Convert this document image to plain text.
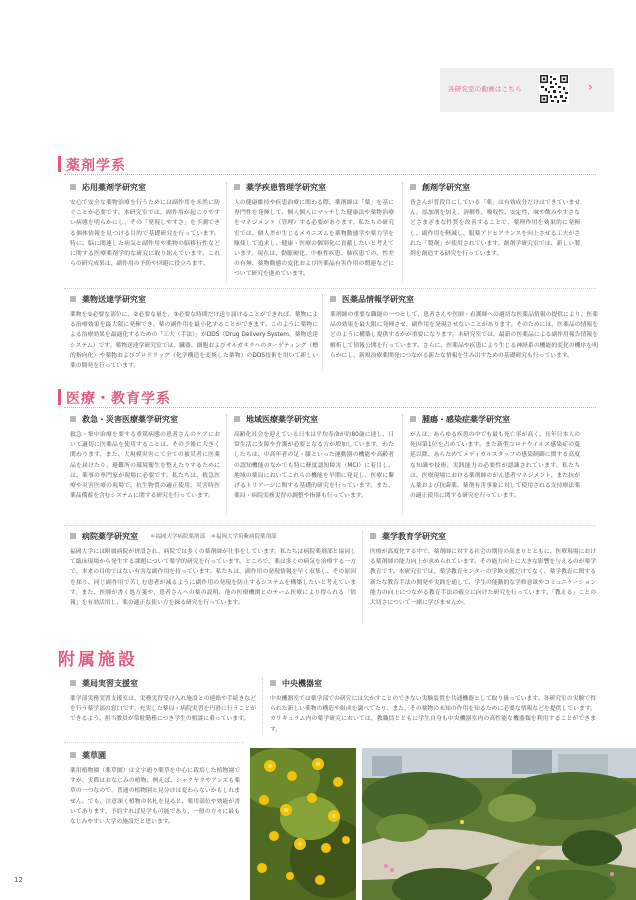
各研究室の動画はこちら	›
薬剤学系
応用薬剤学研究室

安心で安全な薬物治療を行うためには副作用を未然に防ぐことが必要です。本研究室では、副作用が起こりやすい病態を明らかにし、その「発現しやすさ」を予測できる個体情報を見つける目的で基礎研究を行っています。特に、脳に関連した病気と副作用や薬物の脳移行性などに関する医療薬剤学的な研究に取り組んでいます。これらの研究成果は、副作用の予防や回避に役立ちます。

薬学疾患管理学研究室

人の健康維持や疾患治療に関わる際、薬剤師は「薬」を基に専門性を発揮して、個人個人にマッチした健康法や薬物治療をマネジメント（管理）する必要があります。私たちの研究室では、個人差が生じるメカニズムを薬物動態学や薬力学を駆使して追求し、健康・医療の個別化に貢献したいと考えています。現在は、動脈硬化、中枢性疾患、肺疾患での、性差の有無、薬物動態の変化および医薬品有害作用の関連などについて研究を進めています。

創剤学研究室

皆さんが普段目にしている「薬」は有効成分だけはできていません。添加剤を加え、溶解性、吸収性、安定性、味や飲みやすさなどさまざまな性質を改善することで、薬理作用を効果的に発揮し、副作用を軽減し、服薬アドヒアランスを向上させる工夫がされた「製剤」が使用されています。創剤学研究室では、新しい製剤を創造する研究を行っています。

薬物送達学研究室

薬物を①必要な部位に、②必要な量を、③必要な時間だけ送り届けることができれば、薬物による治療効果を最大限に発揮でき、薬の副作用を最小化することができます。このように薬物による治療効果を最適化するための「工夫（手法）」がDDS（Drug Delivery System、薬物送達システム）です。薬物送達学研究室では、臓器、細胞およびオルガネラへのターゲティング（標的指向化）や薬物およびプロドラッグ（化学構造を変換した薬物）のDDS技術を用いて新しい薬の開発を行っています。

医薬品情報学研究室

薬剤師の重要な職能の一つとして、患者さんや医師・看護師への適切な医薬品情報の提供により、医薬品の効果を最大限に発揮させ、副作用を発現させないことがあります。そのためには、医薬品の情報をどのように構築し提供するかが重要になります。本研究室では、最新の医薬品による副作用報告情報を解析して情報公開を行っています。さらに、医薬品や疾患により生じる神経系の機能的変化の機序を明らかにし、新規治療薬開発につながる新たな情報を生み出すための基礎研究も行っています。

医療・教育学系
救急・災害医療薬学研究室

救急・集中治療を要する重篤病態の患者さんのケアにおいて適切に医薬品を使用することは、その予後に大きく関わります。また、大規模災害にて全ての被災者に医薬品を届けたり、避難所の環境衛生を整えたりするためには、薬事の専門家が現場に必要です。私たちは、救急医療や災害医療の現場で、抗生物質の適正使用、災害時医薬品備蓄を含むシステムに関する研究を行っています。

地域医療薬学研究室

高齢化社会を迎えている日本は平均寿命が約80歳に達し、日常生活に支障や介護が必要となる方が増加しています。わたしたちは、中高年者の足・膝といった運動器の機能や高齢者の認知機能のなかでも特に軽度認知障害（MCI）に着目し、地域の薬局においてこれらの機能を早期に発見し、医療に繋げるトリアージに関する基礎的研究を行っています。また、薬局・病院実務実習の調整や指導も行っています。

腫瘍・感染症薬学研究室

がんは、あらゆる疾患の中でも最も死亡率が高く、長年日本人の死因第1位を占めています。また新型コロナウイルス感染症の蔓延以降、あらためてメディカルスタッフの感染制御に関する高度な知識や技術、実践能力の必要性が認識されています。私たちは、医療現場における薬剤師のがん患者マネジメント、また抗がん薬および抗菌薬、薬剤有害事象に対して使用される支持療法薬の適正使用に関する研究を行っています。

病院薬学研究室 ＊福岡大学病院薬剤部　＊福岡大学筑紫病院薬剤部

福岡大学には附属病院が併設され、病院では多くの薬剤師が仕事をしています。私たちは病院薬剤部と協同して臨床現場から発生する課題について薬学的研究を行っています。ところで、薬は多くの病気を治療する一方で、本来の目的ではない有害な副作用を持っています。私たちは、副作用の発現情報を早く収集し、その原因を探り、同じ副作用で苦しむ患者が減るように副作用の発現を防止するシステムを構築したいと考えています。また、医師が書く処方箋や、患者さんへの薬の説明、他の医療機関とのチーム医療により得られる「情報」を有効活用し、薬の適正な使い方を探る研究を行っています。

薬学教育学研究室

医療が高度化する中で、薬剤師に対する社会の期待の高まりとともに、医療現場における薬剤師の能力向上が求められています。その能力向上に大きな影響を与えるのが薬学教育です。本研究室では、薬学教育センターの学修支援だけでなく、薬学教育に関する新たな教育手法の開発や実践を通して、学生の能動的な学修意欲やコミュニケーション能力の向上につながる教育手法の確立に向けた研究を行っています。「教える」ことの大切さについて一緒に学びませんか。

附属施設
薬局実習支援室

薬学部実務実習支援室は、実務実習受け入れ施設との連絡や手続きなどを行う薬学部の窓口です。充実した薬局・病院実習を円滑に行うことができるよう、担当教員が常駐勤務につき学生の相談に乗っています。

中央機器室

中央機器室では薬学部での研究には欠かすことのできない実験装置を共通機器として取り扱っています。各研究室の実験で得られた新しい薬物の構造や組成を調べてたり、また、その薬物の未知の作用を知るために必要な情報などを提供しています。カリキュラム内の薬学研究においては、教職員とともに学生自身も中央機器室内の高性能な機器類を利用することができます。

薬草園

薬用植物園（薬草園）は文字通り薬草を中心に栽培した植物園ですが、実際はおなじみの植物、例えば、シャクヤクやアンズも薬草の一つなので、普通の植物園と見分けは変わらないかもしれません。でも、注意深く植物の名札を見ると、薬用部位や効能が書いてあります。予約すれば見学も可能であり、一般の方々に最もなじみやすい大学の施設だと思います。

12
